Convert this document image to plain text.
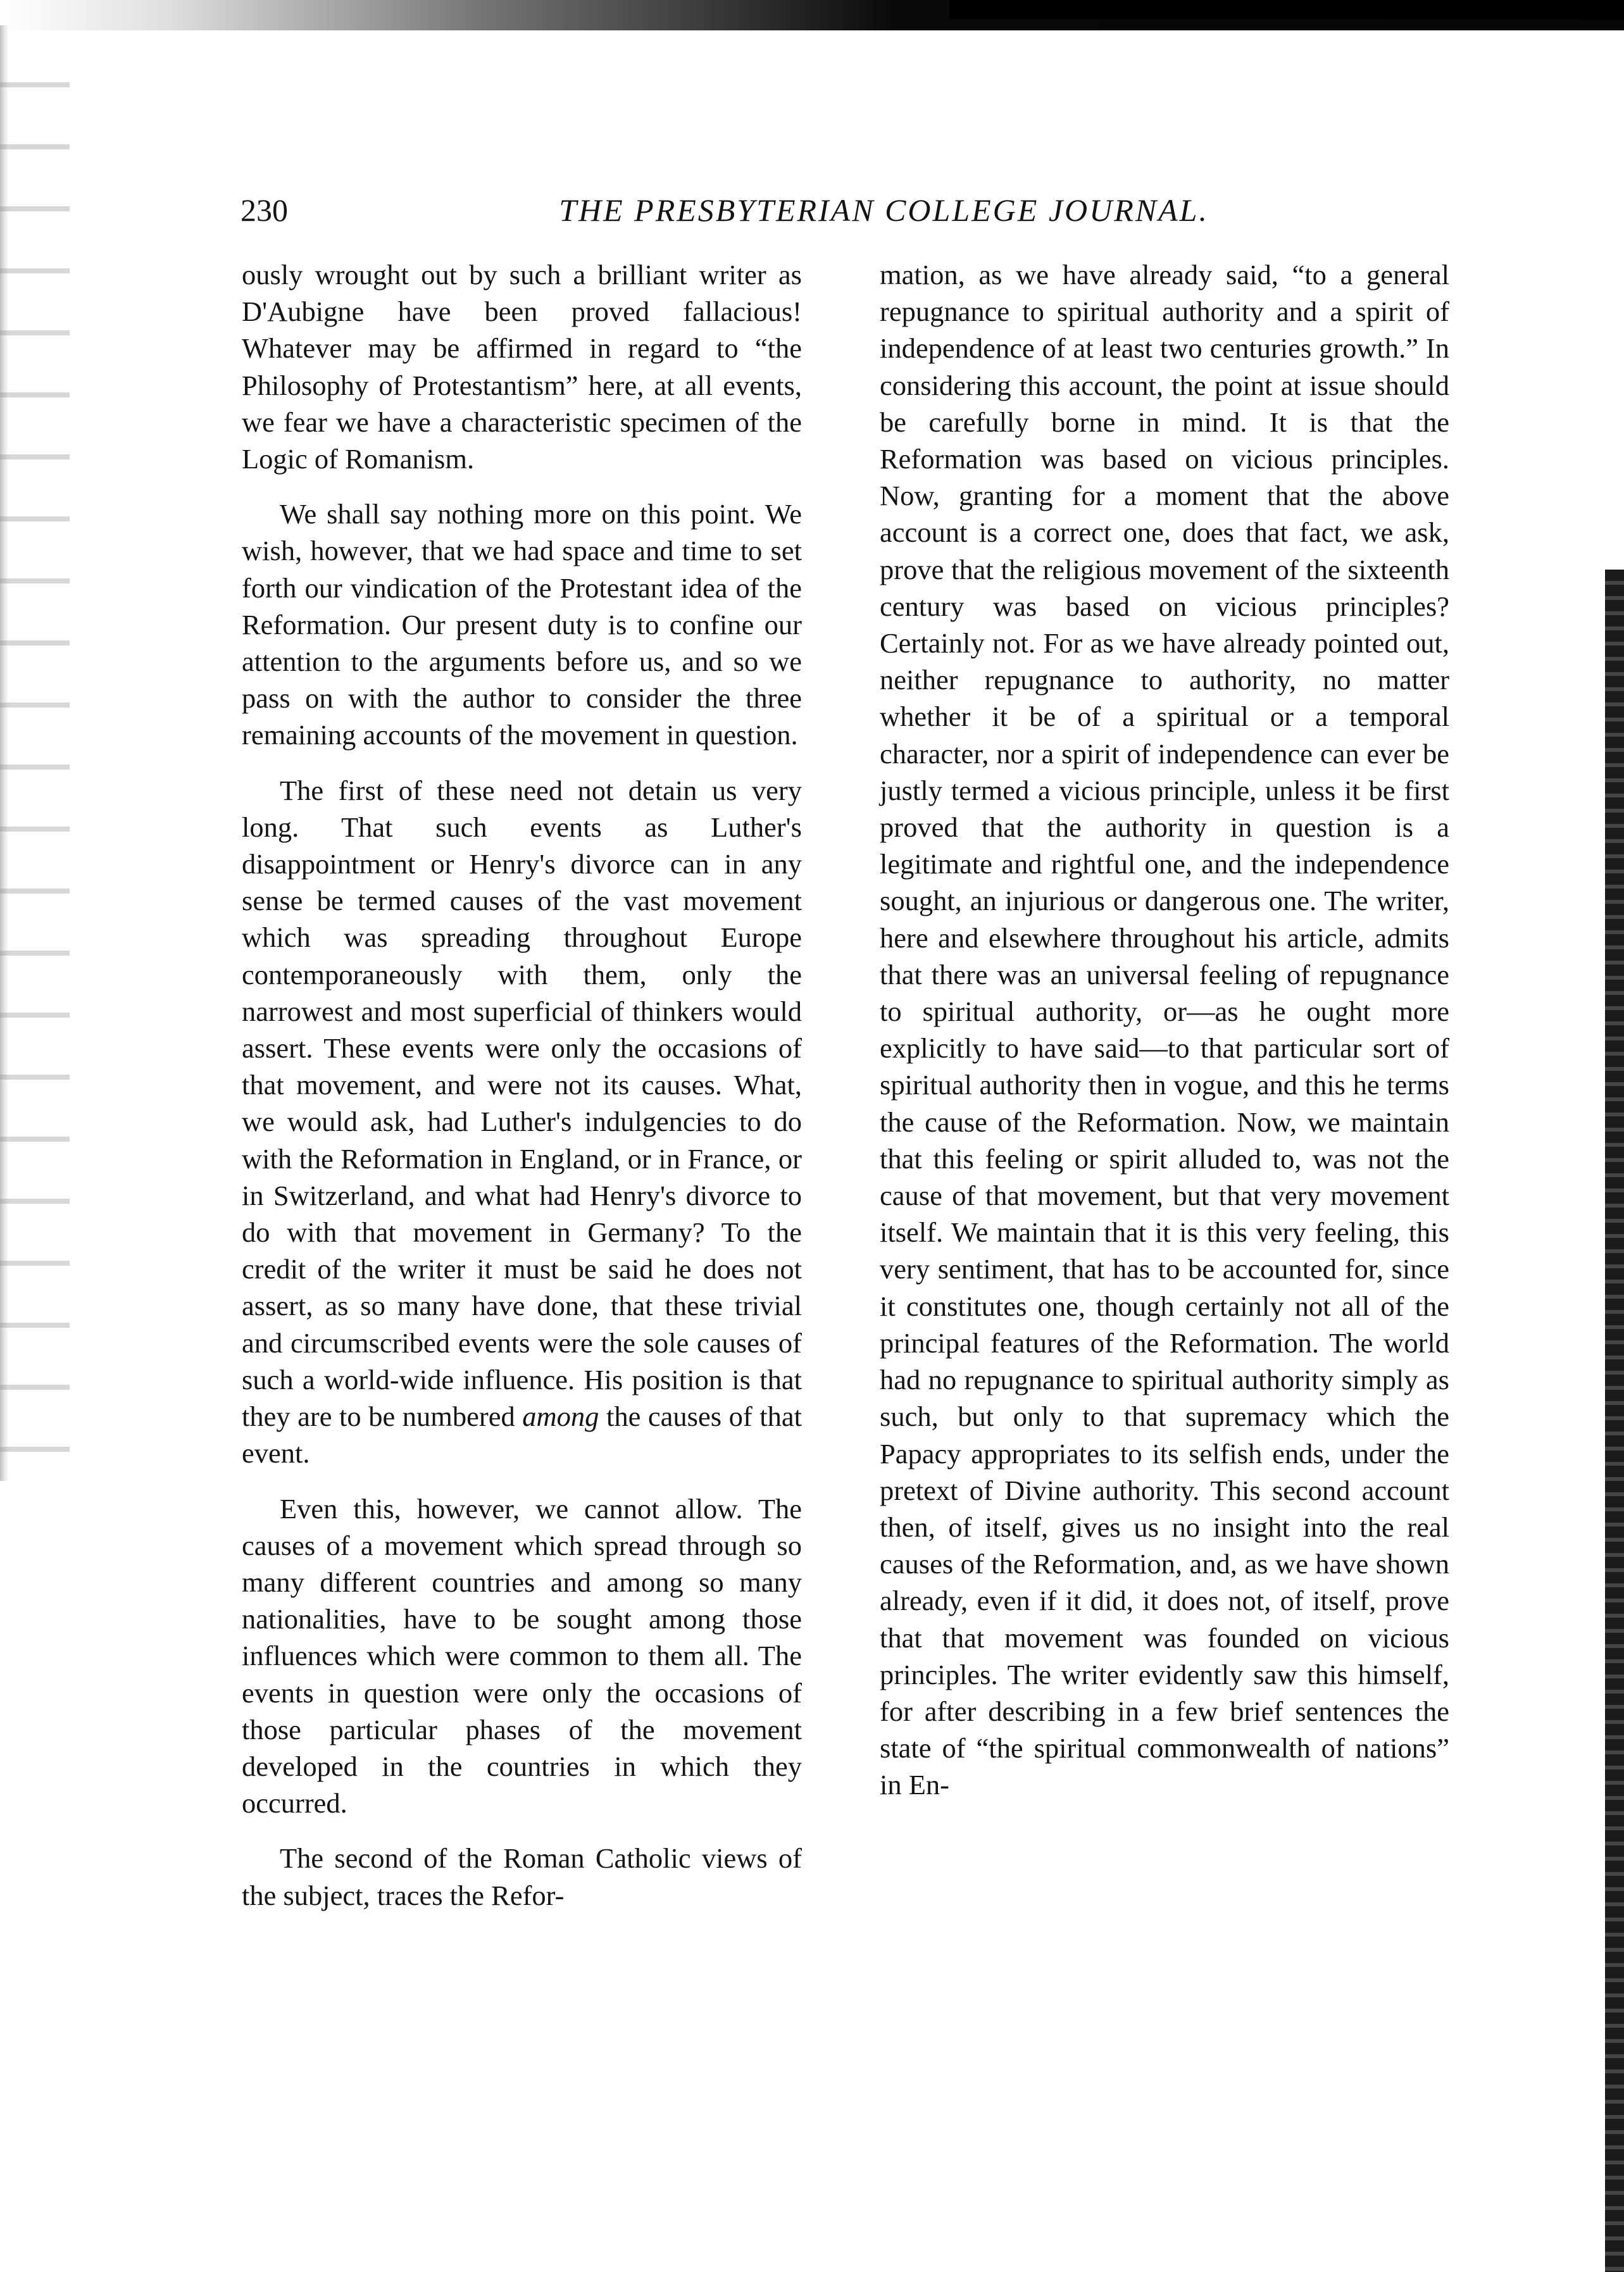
230	THE PRESBYTERIAN COLLEGE JOURNAL.

ously wrought out by such a brilliant writer as D'Aubigne have been proved fallacious! Whatever may be affirmed in regard to “the Philosophy of Protestantism” here, at all events, we fear we have a characteristic specimen of the Logic of Romanism.

We shall say nothing more on this point. We wish, however, that we had space and time to set forth our vindication of the Protestant idea of the Reformation. Our present duty is to confine our attention to the arguments before us, and so we pass on with the author to consider the three remaining accounts of the movement in question.

The first of these need not detain us very long. That such events as Luther's disappointment or Henry's divorce can in any sense be termed causes of the vast movement which was spreading throughout Europe contemporaneously with them, only the narrowest and most superficial of thinkers would assert. These events were only the occasions of that movement, and were not its causes. What, we would ask, had Luther's indulgencies to do with the Reformation in England, or in France, or in Switzerland, and what had Henry's divorce to do with that movement in Germany? To the credit of the writer it must be said he does not assert, as so many have done, that these trivial and circumscribed events were the sole causes of such a world-wide influence. His position is that they are to be numbered among the causes of that event.

Even this, however, we cannot allow. The causes of a movement which spread through so many different countries and among so many nationalities, have to be sought among those influences which were common to them all. The events in question were only the occasions of those particular phases of the movement developed in the countries in which they occurred.

The second of the Roman Catholic views of the subject, traces the Refor-

mation, as we have already said, “to a general repugnance to spiritual authority and a spirit of independence of at least two centuries growth.” In considering this account, the point at issue should be carefully borne in mind. It is that the Reformation was based on vicious principles. Now, granting for a moment that the above account is a correct one, does that fact, we ask, prove that the religious movement of the sixteenth century was based on vicious principles? Certainly not. For as we have already pointed out, neither repugnance to authority, no matter whether it be of a spiritual or a temporal character, nor a spirit of independence can ever be justly termed a vicious principle, unless it be first proved that the authority in question is a legitimate and rightful one, and the independence sought, an injurious or dangerous one. The writer, here and elsewhere throughout his article, admits that there was an universal feeling of repugnance to spiritual authority, or—as he ought more explicitly to have said—to that particular sort of spiritual authority then in vogue, and this he terms the cause of the Reformation. Now, we maintain that this feeling or spirit alluded to, was not the cause of that movement, but that very movement itself. We maintain that it is this very feeling, this very sentiment, that has to be accounted for, since it constitutes one, though certainly not all of the principal features of the Reformation. The world had no repugnance to spiritual authority simply as such, but only to that supremacy which the Papacy appropriates to its selfish ends, under the pretext of Divine authority. This second account then, of itself, gives us no insight into the real causes of the Reformation, and, as we have shown already, even if it did, it does not, of itself, prove that that movement was founded on vicious principles. The writer evidently saw this himself, for after describing in a few brief sentences the state of “the spiritual commonwealth of nations” in En-
